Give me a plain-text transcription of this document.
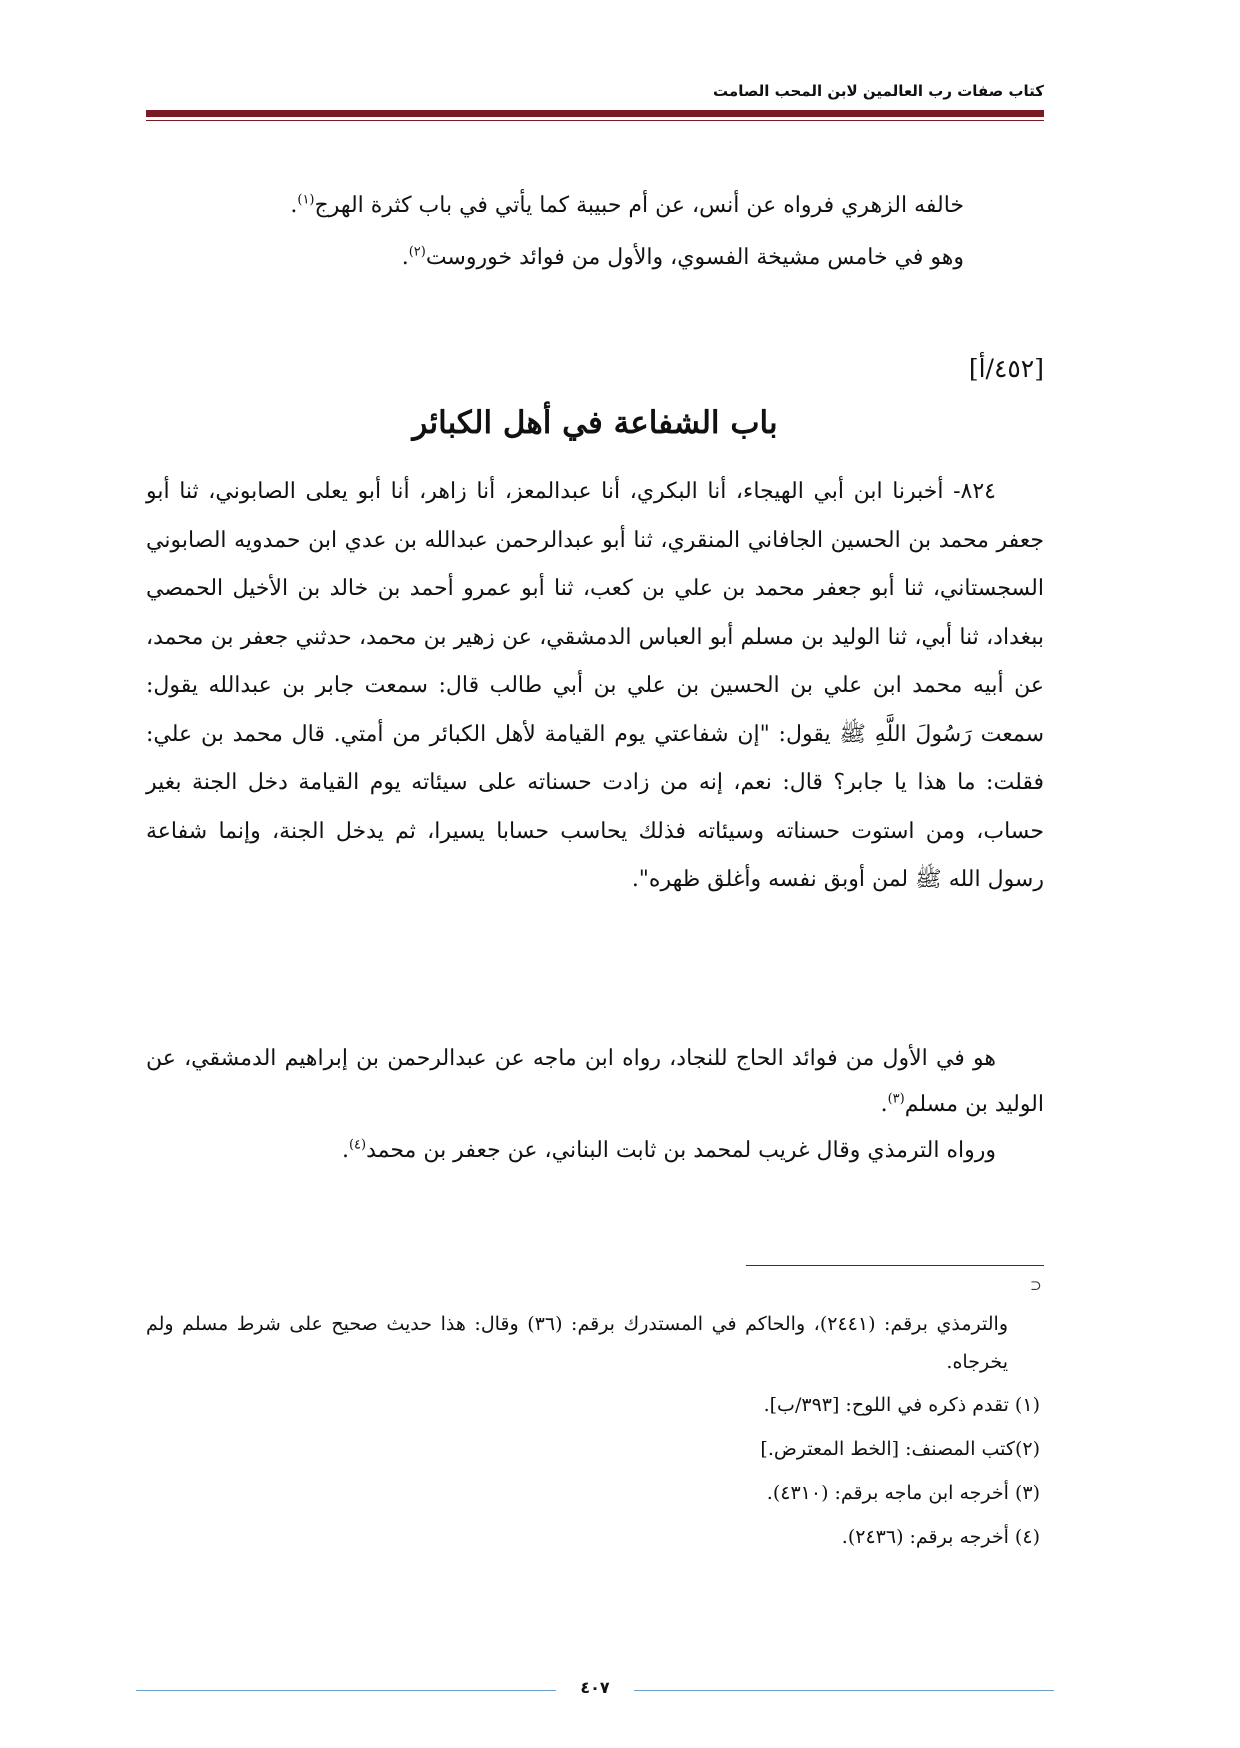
كتاب صفات رب العالمين لابن المحب الصامت

خالفه الزهري فرواه عن أنس، عن أم حبيبة كما يأتي في باب كثرة الهرج$^{(١)}$.

وهو في خامس مشيخة الفسوي، والأول من فوائد خوروست$^{(٢)}$.

[٤٥٢/أ]
باب الشفاعة في أهل الكبائر

٨٢٤- أخبرنا ابن أبي الهيجاء، أنا البكري، أنا عبدالمعز، أنا زاهر، أنا أبو يعلى الصابوني، ثنا أبو جعفر محمد بن الحسين الجافاني المنقري، ثنا أبو عبدالرحمن عبدالله بن عدي ابن حمدويه الصابوني السجستاني، ثنا أبو جعفر محمد بن علي بن كعب، ثنا أبو عمرو أحمد بن خالد بن الأخيل الحمصي ببغداد، ثنا أبي، ثنا الوليد بن مسلم أبو العباس الدمشقي، عن زهير بن محمد، حدثني جعفر بن محمد، عن أبيه محمد ابن علي بن الحسين بن علي بن أبي طالب قال: سمعت جابر بن عبدالله يقول: سمعت رَسُولَ اللَّهِ ﷺ يقول: "إن شفاعتي يوم القيامة لأهل الكبائر من أمتي. قال محمد بن علي: فقلت: ما هذا يا جابر؟ قال: نعم، إنه من زادت حسناته على سيئاته يوم القيامة دخل الجنة بغير حساب، ومن استوت حسناته وسيئاته فذلك يحاسب حسابا يسيرا، ثم يدخل الجنة، وإنما شفاعة رسول الله ﷺ لمن أوبق نفسه وأغلق ظهره".

هو في الأول من فوائد الحاج للنجاد، رواه ابن ماجه عن عبدالرحمن بن إبراهيم الدمشقي، عن الوليد بن مسلم$^{(٣)}$.

ورواه الترمذي وقال غريب لمحمد بن ثابت البناني، عن جعفر بن محمد$^{(٤)}$.

⊃

والترمذي برقم: (٢٤٤١)، والحاكم في المستدرك برقم: (٣٦) وقال: هذا حديث صحيح على شرط مسلم ولم يخرجاه.

(١) تقدم ذكره في اللوح: [٣٩٣/ب].

(٢)كتب المصنف: [الخط المعترض.]

(٣) أخرجه ابن ماجه برقم: (٤٣١٠).

(٤) أخرجه برقم: (٢٤٣٦).

٤٠٧
